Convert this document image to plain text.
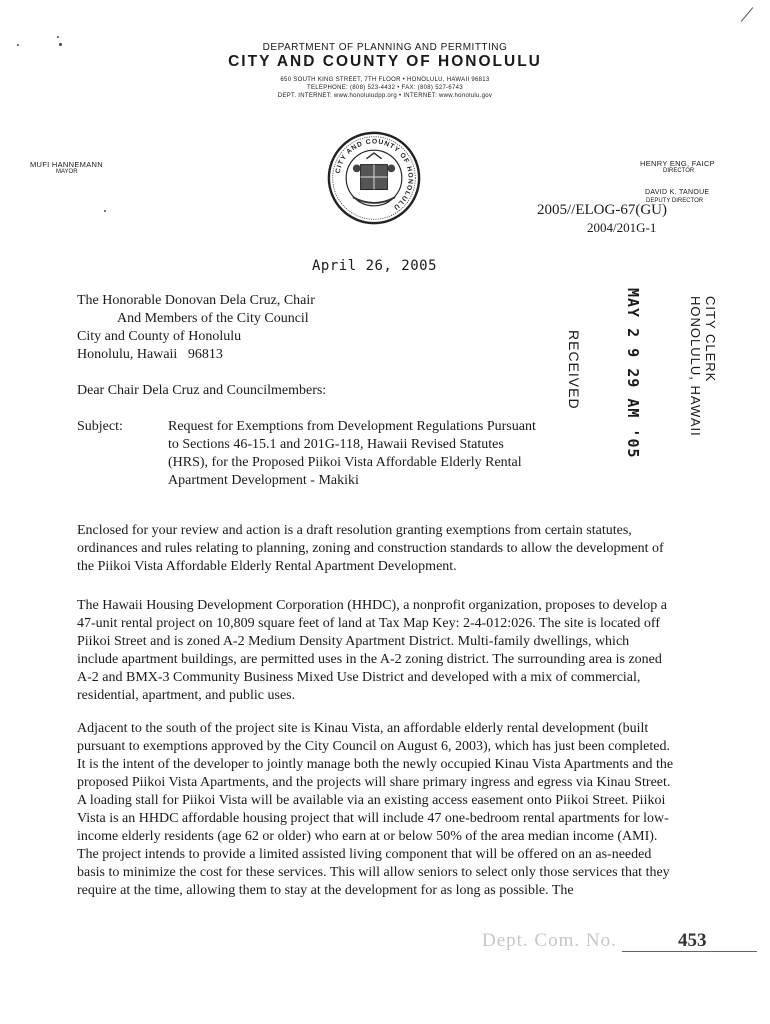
DEPARTMENT OF PLANNING AND PERMITTING
CITY AND COUNTY OF HONOLULU
650 SOUTH KING STREET, 7TH FLOOR • HONOLULU, HAWAII 96813
TELEPHONE: (808) 523-4432 • FAX: (808) 527-6743
DEPT. INTERNET: www.honoluludpp.org • INTERNET: www.honolulu.gov
MUFI HANNEMANN
MAYOR
HENRY ENG, FAICP
DIRECTOR
DAVID K. TANOUE
DEPUTY DIRECTOR
CITY AND COUNTY OF HONOLULU	2005//ELOG-67(GU)
2004/201G-1
April 26, 2005
The Honorable Donovan Dela Cruz, Chair
And Members of the City Council
City and County of Honolulu
Honolulu, Hawaii   96813
Dear Chair Dela Cruz and Councilmembers:
Subject:	Request for Exemptions from Development Regulations Pursuant to Sections 46-15.1 and 201G-118, Hawaii Revised Statutes (HRS), for the Proposed Piikoi Vista Affordable Elderly Rental Apartment Development - Makiki
Enclosed for your review and action is a draft resolution granting exemptions from certain statutes, ordinances and rules relating to planning, zoning and construction standards to allow the development of the Piikoi Vista Affordable Elderly Rental Apartment Development.
The Hawaii Housing Development Corporation (HHDC), a nonprofit organization, proposes to develop a 47-unit rental project on 10,809 square feet of land at Tax Map Key: 2-4-012:026. The site is located off Piikoi Street and is zoned A-2 Medium Density Apartment District. Multi-family dwellings, which include apartment buildings, are permitted uses in the A-2 zoning district. The surrounding area is zoned A-2 and BMX-3 Community Business Mixed Use District and developed with a mix of commercial, residential, apartment, and public uses.
Adjacent to the south of the project site is Kinau Vista, an affordable elderly rental development (built pursuant to exemptions approved by the City Council on August 6, 2003), which has just been completed. It is the intent of the developer to jointly manage both the newly occupied Kinau Vista Apartments and the proposed Piikoi Vista Apartments, and the projects will share primary ingress and egress via Kinau Street. A loading stall for Piikoi Vista will be available via an existing access easement onto Piikoi Street. Piikoi Vista is an HHDC affordable housing project that will include 47 one-bedroom rental apartments for low-income elderly residents (age 62 or older) who earn at or below 50% of the area median income (AMI). The project intends to provide a limited assisted living component that will be offered on an as-needed basis to minimize the cost for these services. This will allow seniors to select only those services that they require at the time, allowing them to stay at the development for as long as possible. The
RECEIVED	MAY 2 9 29 AM '05	CITY CLERK
HONOLULU, HAWAII
Dept. Com. No.	453
